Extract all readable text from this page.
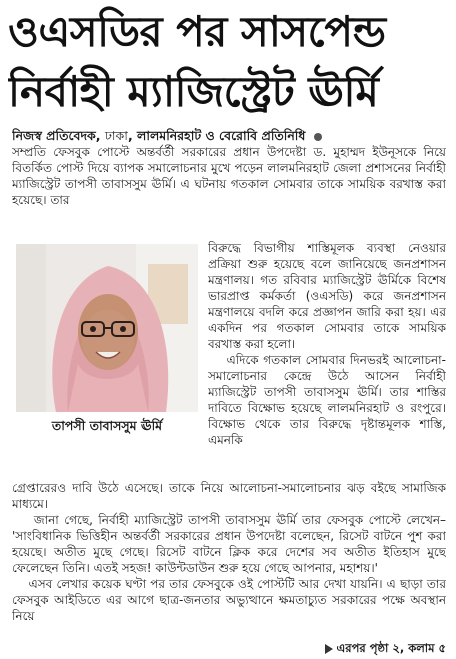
ওএসডির পর সাসপেন্ড
নির্বাহী ম্যাজিস্ট্রেট ঊর্মি
নিজস্ব প্রতিবেদক, ঢাকা, লালমনিরহাট ও বেরোবি প্রতিনিধি

সম্প্রতি ফেসবুক পোস্টে অন্তর্বর্তী সরকারের প্রধান উপদেষ্টা ড. মুহাম্মদ ইউনূসকে নিয়ে বিতর্কিত পোস্ট দিয়ে ব্যাপক সমালোচনার মুখে পড়েন লালমনিরহাট জেলা প্রশাসনের নির্বাহী ম্যাজিস্ট্রেট তাপসী তাবাসসুম ঊর্মি। এ ঘটনায় গতকাল সোমবার তাকে সাময়িক বরখাস্ত করা হয়েছে। তার

তাপসী তাবাসসুম ঊর্মি

বিরুদ্ধে বিভাগীয় শাস্তিমূলক ব্যবস্থা নেওয়ার প্রক্রিয়া শুরু হয়েছে বলে জানিয়েছে জনপ্রশাসন মন্ত্রণালয়। গত রবিবার ম্যাজিস্ট্রেট ঊর্মিকে বিশেষ ভারপ্রাপ্ত কর্মকর্তা (ওএসডি) করে জনপ্রশাসন মন্ত্রণালয়ে বদলি করে প্রজ্ঞাপন জারি করা হয়। এর একদিন পর গতকাল সোমবার তাকে সাময়িক বরখাস্ত করা হলো।
এদিকে গতকাল সোমবার দিনভরই আলোচনা-সমালোচনার কেন্দ্রে উঠে আসেন নির্বাহী ম্যাজিস্ট্রেট তাপসী তাবাসসুম ঊর্মি। তার শাস্তির দাবিতে বিক্ষোভ হয়েছে লালমনিরহাট ও রংপুরে। বিক্ষোভ থেকে তার বিরুদ্ধে দৃষ্টান্তমূলক শাস্তি, এমনকি

গ্রেপ্তারেরও দাবি উঠে এসেছে। তাকে নিয়ে আলোচনা-সমালোচনার ঝড় বইছে সামাজিক মাধ্যমে।
জানা গেছে, নির্বাহী ম্যাজিস্ট্রেট তাপসী তাবাসসুম ঊর্মি তার ফেসবুক পোস্টে লেখেন– 'সাংবিধানিক ভিত্তিহীন অন্তর্বর্তী সরকারের প্রধান উপদেষ্টা বলেছেন, রিসেট বাটনে পুশ করা হয়েছে। অতীত মুছে গেছে। রিসেট বাটনে ক্লিক করে দেশের সব অতীত ইতিহাস মুছে ফেলেছেন তিনি। এতই সহজ! কাউন্টডাউন শুরু হয়ে গেছে আপনার, মহাশয়।'
এসব লেখার কয়েক ঘণ্টা পর তার ফেসবুকে ওই পোস্টটি আর দেখা যায়নি। এ ছাড়া তার ফেসবুক আইডিতে এর আগে ছাত্র-জনতার অভ্যুত্থানে ক্ষমতাচ্যুত সরকারের পক্ষে অবস্থান নিয়ে

এরপর পৃষ্ঠা ২, কলাম ৫
